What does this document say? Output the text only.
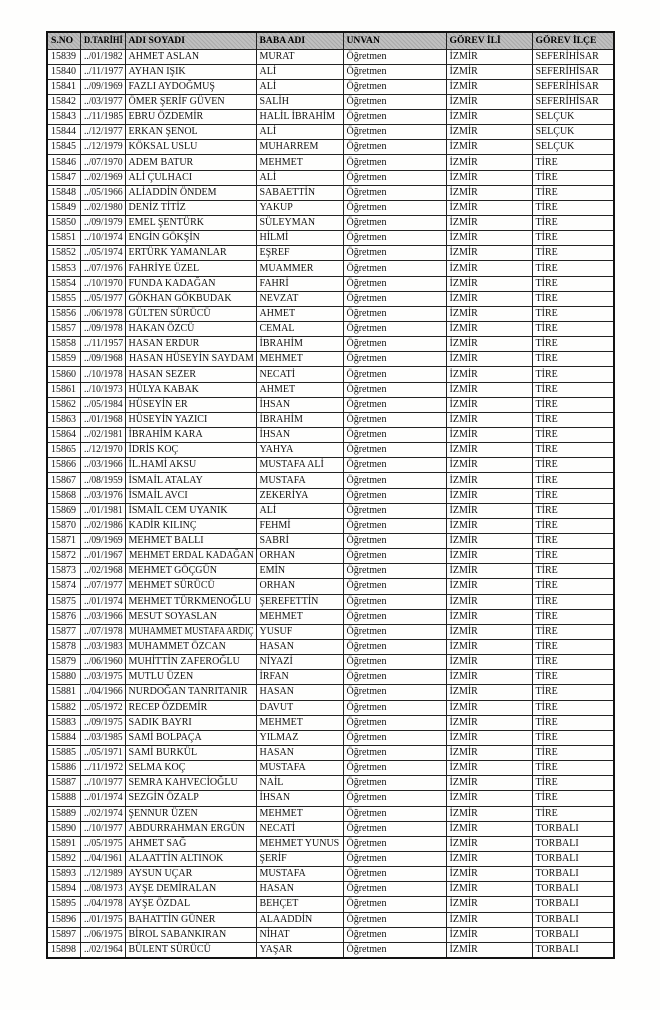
S.NO	D.TARİHİ	ADI SOYADI	BABA ADI	UNVAN	GÖREV İLİ	GÖREV İLÇE
15839	../01/1982	AHMET ASLAN	MURAT	Öğretmen	İZMİR	SEFERİHİSAR
15840	../11/1977	AYHAN IŞIK	ALİ	Öğretmen	İZMİR	SEFERİHİSAR
15841	../09/1969	FAZLI AYDOĞMUŞ	ALİ	Öğretmen	İZMİR	SEFERİHİSAR
15842	../03/1977	ÖMER ŞERİF GÜVEN	SALİH	Öğretmen	İZMİR	SEFERİHİSAR
15843	../11/1985	EBRU ÖZDEMİR	HALİL İBRAHİM	Öğretmen	İZMİR	SELÇUK
15844	../12/1977	ERKAN ŞENOL	ALİ	Öğretmen	İZMİR	SELÇUK
15845	../12/1979	KÖKSAL USLU	MUHARREM	Öğretmen	İZMİR	SELÇUK
15846	../07/1970	ADEM BATUR	MEHMET	Öğretmen	İZMİR	TİRE
15847	../02/1969	ALİ ÇULHACI	ALİ	Öğretmen	İZMİR	TİRE
15848	../05/1966	ALİADDİN ÖNDEM	SABAETTİN	Öğretmen	İZMİR	TİRE
15849	../02/1980	DENİZ TİTİZ	YAKUP	Öğretmen	İZMİR	TİRE
15850	../09/1979	EMEL ŞENTÜRK	SÜLEYMAN	Öğretmen	İZMİR	TİRE
15851	../10/1974	ENGİN GÖKŞİN	HİLMİ	Öğretmen	İZMİR	TİRE
15852	../05/1974	ERTÜRK YAMANLAR	EŞREF	Öğretmen	İZMİR	TİRE
15853	../07/1976	FAHRİYE ÜZEL	MUAMMER	Öğretmen	İZMİR	TİRE
15854	../10/1970	FUNDA KADAĞAN	FAHRİ	Öğretmen	İZMİR	TİRE
15855	../05/1977	GÖKHAN GÖKBUDAK	NEVZAT	Öğretmen	İZMİR	TİRE
15856	../06/1978	GÜLTEN SÜRÜCÜ	AHMET	Öğretmen	İZMİR	TİRE
15857	../09/1978	HAKAN ÖZCÜ	CEMAL	Öğretmen	İZMİR	TİRE
15858	../11/1957	HASAN ERDUR	İBRAHİM	Öğretmen	İZMİR	TİRE
15859	../09/1968	HASAN HÜSEYİN SAYDAM	MEHMET	Öğretmen	İZMİR	TİRE
15860	../10/1978	HASAN SEZER	NECATİ	Öğretmen	İZMİR	TİRE
15861	../10/1973	HÜLYA KABAK	AHMET	Öğretmen	İZMİR	TİRE
15862	../05/1984	HÜSEYİN ER	İHSAN	Öğretmen	İZMİR	TİRE
15863	../01/1968	HÜSEYİN YAZICI	İBRAHİM	Öğretmen	İZMİR	TİRE
15864	../02/1981	İBRAHİM KARA	İHSAN	Öğretmen	İZMİR	TİRE
15865	../12/1970	İDRİS KOÇ	YAHYA	Öğretmen	İZMİR	TİRE
15866	../03/1966	İL.HAMİ AKSU	MUSTAFA ALİ	Öğretmen	İZMİR	TİRE
15867	../08/1959	İSMAİL ATALAY	MUSTAFA	Öğretmen	İZMİR	TİRE
15868	../03/1976	İSMAİL AVCI	ZEKERİYA	Öğretmen	İZMİR	TİRE
15869	../01/1981	İSMAİL CEM UYANIK	ALİ	Öğretmen	İZMİR	TİRE
15870	../02/1986	KADİR KILINÇ	FEHMİ	Öğretmen	İZMİR	TİRE
15871	../09/1969	MEHMET BALLI	SABRİ	Öğretmen	İZMİR	TİRE
15872	../01/1967	MEHMET ERDAL KADAĞAN	ORHAN	Öğretmen	İZMİR	TİRE
15873	../02/1968	MEHMET GÖÇGÜN	EMİN	Öğretmen	İZMİR	TİRE
15874	../07/1977	MEHMET SÜRÜCÜ	ORHAN	Öğretmen	İZMİR	TİRE
15875	../01/1974	MEHMET TÜRKMENOĞLU	ŞEREFETTİN	Öğretmen	İZMİR	TİRE
15876	../03/1966	MESUT SOYASLAN	MEHMET	Öğretmen	İZMİR	TİRE
15877	../07/1978	MUHAMMET MUSTAFA ARDIÇ	YUSUF	Öğretmen	İZMİR	TİRE
15878	../03/1983	MUHAMMET ÖZCAN	HASAN	Öğretmen	İZMİR	TİRE
15879	../06/1960	MUHİTTİN ZAFEROĞLU	NİYAZİ	Öğretmen	İZMİR	TİRE
15880	../03/1975	MUTLU ÜZEN	İRFAN	Öğretmen	İZMİR	TİRE
15881	../04/1966	NURDOĞAN TANRITANIR	HASAN	Öğretmen	İZMİR	TİRE
15882	../05/1972	RECEP ÖZDEMİR	DAVUT	Öğretmen	İZMİR	TİRE
15883	../09/1975	SADIK BAYRI	MEHMET	Öğretmen	İZMİR	TİRE
15884	../03/1985	SAMİ BOLPAÇA	YILMAZ	Öğretmen	İZMİR	TİRE
15885	../05/1971	SAMİ BURKÜL	HASAN	Öğretmen	İZMİR	TİRE
15886	../11/1972	SELMA KOÇ	MUSTAFA	Öğretmen	İZMİR	TİRE
15887	../10/1977	SEMRA KAHVECİOĞLU	NAİL	Öğretmen	İZMİR	TİRE
15888	../01/1974	SEZGİN ÖZALP	İHSAN	Öğretmen	İZMİR	TİRE
15889	../02/1974	ŞENNUR ÜZEN	MEHMET	Öğretmen	İZMİR	TİRE
15890	../10/1977	ABDURRAHMAN ERGÜN	NECATİ	Öğretmen	İZMİR	TORBALI
15891	../05/1975	AHMET SAĞ	MEHMET YUNUS	Öğretmen	İZMİR	TORBALI
15892	../04/1961	ALAATTİN ALTINOK	ŞERİF	Öğretmen	İZMİR	TORBALI
15893	../12/1989	AYSUN UÇAR	MUSTAFA	Öğretmen	İZMİR	TORBALI
15894	../08/1973	AYŞE DEMİRALAN	HASAN	Öğretmen	İZMİR	TORBALI
15895	../04/1978	AYŞE ÖZDAL	BEHÇET	Öğretmen	İZMİR	TORBALI
15896	../01/1975	BAHATTİN GÜNER	ALAADDİN	Öğretmen	İZMİR	TORBALI
15897	../06/1975	BİROL SABANKIRAN	NİHAT	Öğretmen	İZMİR	TORBALI
15898	../02/1964	BÜLENT SÜRÜCÜ	YAŞAR	Öğretmen	İZMİR	TORBALI
